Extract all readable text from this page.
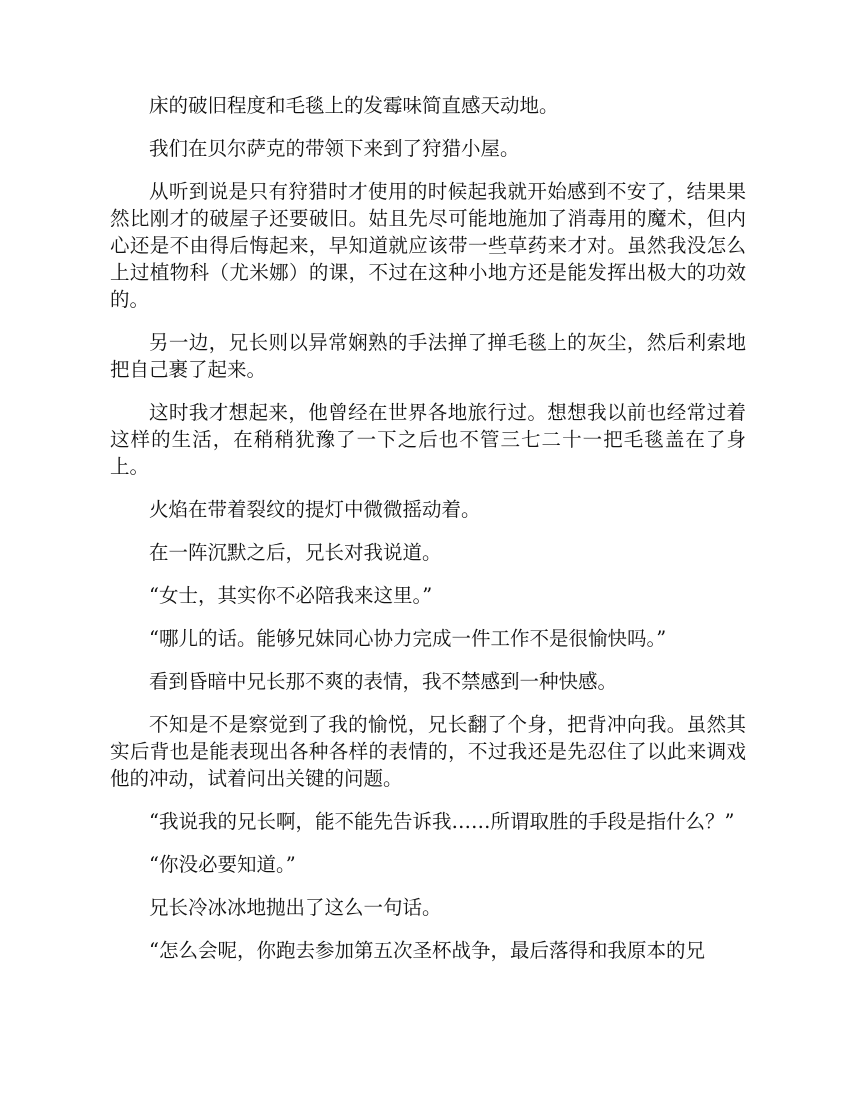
床的破旧程度和毛毯上的发霉味简直感天动地。

我们在贝尔萨克的带领下来到了狩猎小屋。

从听到说是只有狩猎时才使用的时候起我就开始感到不安了，结果果然比刚才的破屋子还要破旧。姑且先尽可能地施加了消毒用的魔术，但内心还是不由得后悔起来，早知道就应该带一些草药来才对。虽然我没怎么上过植物科（尤米娜）的课，不过在这种小地方还是能发挥出极大的功效的。

另一边，兄长则以异常娴熟的手法掸了掸毛毯上的灰尘，然后利索地把自己裹了起来。

这时我才想起来，他曾经在世界各地旅行过。想想我以前也经常过着这样的生活，在稍稍犹豫了一下之后也不管三七二十一把毛毯盖在了身上。

火焰在带着裂纹的提灯中微微摇动着。

在一阵沉默之后，兄长对我说道。

“女士，其实你不必陪我来这里。”

“哪儿的话。能够兄妹同心协力完成一件工作不是很愉快吗。”

看到昏暗中兄长那不爽的表情，我不禁感到一种快感。

不知是不是察觉到了我的愉悦，兄长翻了个身，把背冲向我。虽然其实后背也是能表现出各种各样的表情的，不过我还是先忍住了以此来调戏他的冲动，试着问出关键的问题。

“我说我的兄长啊，能不能先告诉我……所谓取胜的手段是指什么？”

“你没必要知道。”

兄长冷冰冰地抛出了这么一句话。

“怎么会呢，你跑去参加第五次圣杯战争，最后落得和我原本的兄
